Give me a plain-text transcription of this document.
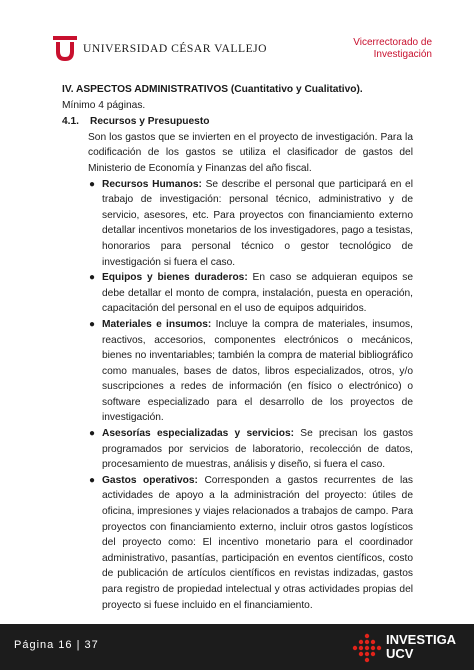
UNIVERSIDAD CÉSAR VALLEJO	Vicerrectorado de
Investigación

IV. ASPECTOS ADMINISTRATIVOS (Cuantitativo y Cualitativo).

Mínimo 4 páginas.

4.1.	Recursos y Presupuesto

Son los gastos que se invierten en el proyecto de investigación. Para la codificación de los gastos se utiliza el clasificador de gastos del Ministerio de Economía y Finanzas del año fiscal.

● Recursos Humanos: Se describe el personal que participará en el trabajo de investigación: personal técnico, administrativo y de servicio, asesores, etc. Para proyectos con financiamiento externo detallar incentivos monetarios de los investigadores, pago a tesistas, honorarios para personal técnico o gestor tecnológico de investigación si fuera el caso.
● Equipos y bienes duraderos: En caso se adquieran equipos se debe detallar el monto de compra, instalación, puesta en operación, capacitación del personal en el uso de equipos adquiridos.
● Materiales e insumos: Incluye la compra de materiales, insumos, reactivos, accesorios, componentes electrónicos o mecánicos, bienes no inventariables; también la compra de material bibliográfico como manuales, bases de datos, libros especializados, otros, y/o suscripciones a redes de información (en físico o electrónico) o software especializado para el desarrollo de los proyectos de investigación.
● Asesorías especializadas y servicios: Se precisan los gastos programados por servicios de laboratorio, recolección de datos, procesamiento de muestras, análisis y diseño, si fuera el caso.
● Gastos operativos: Corresponden a gastos recurrentes de las actividades de apoyo a la administración del proyecto: útiles de oficina, impresiones y viajes relacionados a trabajos de campo. Para proyectos con financiamiento externo, incluir otros gastos logísticos del proyecto como: El incentivo monetario para el coordinador administrativo, pasantías, participación en eventos científicos, costo de publicación de artículos científicos en revistas indizadas, gastos para registro de propiedad intelectual y otras actividades propias del proyecto si fuese incluido en el financiamiento.
Página 16 | 37	INVESTIGA
UCV
